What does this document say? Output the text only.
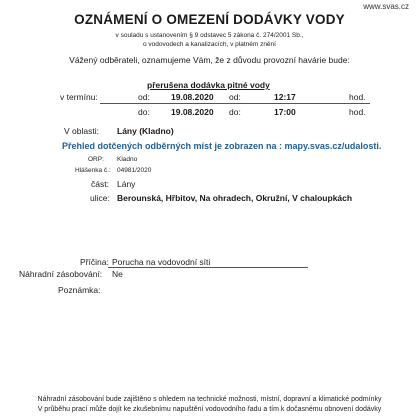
www.svas.cz
OZNÁMENÍ O OMEZENÍ DODÁVKY VODY
v souladu s ustanovením § 9 odstavec 5 zákona č. 274/2001 Sb.,
o vodovodech a kanalizacích, v platném znění
Vážený odběrateli, oznamujeme Vám, že z důvodu provozní havárie bude:
přerušena dodávka pitné vody
v termínu:	od: 19.08.2020 od:	12:17	hod.
do: 19.08.2020 do:	17:00	hod.
V oblasti: Lány (Kladno)
Přehled dotčených odběrných míst je zobrazen na : mapy.svas.cz/udalosti.
ORP: Kladno
Hlášenka č.: 04981/2020
část: Lány
ulice: Berounská, Hřbitov, Na ohradech, Okružní, V chaloupkách
Příčina: Porucha na vodovodní síti
Náhradní zásobování: Ne
Poznámka:
Náhradní zásobování bude zajištěno s ohledem na technické možnosti, místní, dopravní a klimatické podmínky
V průběhu prací může dojít ke zkušebnímu napuštění vodovodního řadu a tím k dočasnému obnovení dodávky
